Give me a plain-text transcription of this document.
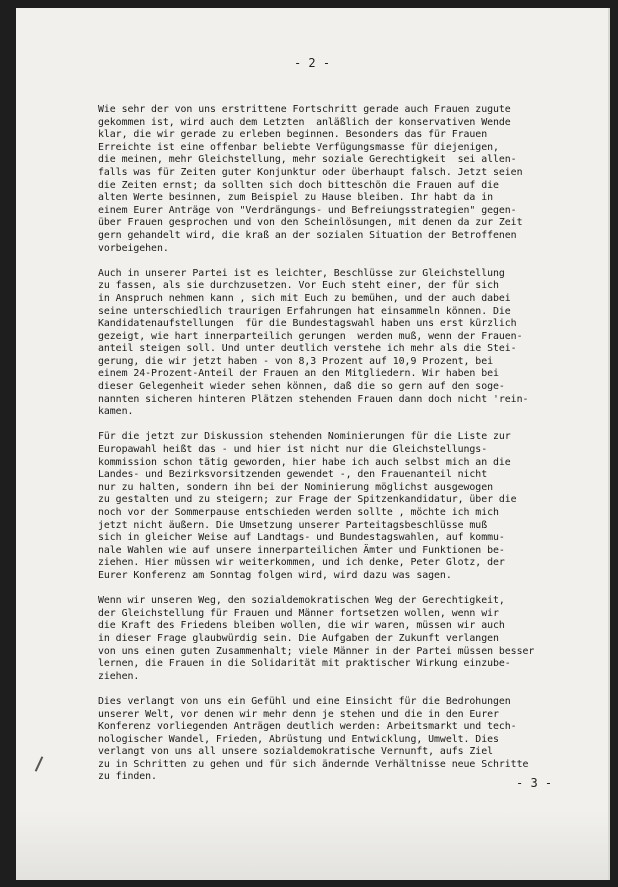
- 2 -
Wie sehr der von uns erstrittene Fortschritt gerade auch Frauen zugute
gekommen ist, wird auch dem Letzten  anläßlich der konservativen Wende
klar, die wir gerade zu erleben beginnen. Besonders das für Frauen
Erreichte ist eine offenbar beliebte Verfügungsmasse für diejenigen,
die meinen, mehr Gleichstellung, mehr soziale Gerechtigkeit  sei allen-
falls was für Zeiten guter Konjunktur oder überhaupt falsch. Jetzt seien
die Zeiten ernst; da sollten sich doch bitteschön die Frauen auf die
alten Werte besinnen, zum Beispiel zu Hause bleiben. Ihr habt da in
einem Eurer Anträge von "Verdrängungs- und Befreiungsstrategien" gegen-
über Frauen gesprochen und von den Scheinlösungen, mit denen da zur Zeit
gern gehandelt wird, die kraß an der sozialen Situation der Betroffenen
vorbeigehen.
Auch in unserer Partei ist es leichter, Beschlüsse zur Gleichstellung
zu fassen, als sie durchzusetzen. Vor Euch steht einer, der für sich
in Anspruch nehmen kann , sich mit Euch zu bemühen, und der auch dabei
seine unterschiedlich traurigen Erfahrungen hat einsammeln können. Die
Kandidatenaufstellungen  für die Bundestagswahl haben uns erst kürzlich
gezeigt, wie hart innerparteilich gerungen  werden muß, wenn der Frauen-
anteil steigen soll. Und unter deutlich verstehe ich mehr als die Stei-
gerung, die wir jetzt haben - von 8,3 Prozent auf 10,9 Prozent, bei
einem 24-Prozent-Anteil der Frauen an den Mitgliedern. Wir haben bei
dieser Gelegenheit wieder sehen können, daß die so gern auf den soge-
nannten sicheren hinteren Plätzen stehenden Frauen dann doch nicht 'rein-
kamen.
Für die jetzt zur Diskussion stehenden Nominierungen für die Liste zur
Europawahl heißt das - und hier ist nicht nur die Gleichstellungs-
kommission schon tätig geworden, hier habe ich auch selbst mich an die
Landes- und Bezirksvorsitzenden gewendet -, den Frauenanteil nicht
nur zu halten, sondern ihn bei der Nominierung möglichst ausgewogen
zu gestalten und zu steigern; zur Frage der Spitzenkandidatur, über die
noch vor der Sommerpause entschieden werden sollte , möchte ich mich
jetzt nicht äußern. Die Umsetzung unserer Parteitagsbeschlüsse muß
sich in gleicher Weise auf Landtags- und Bundestagswahlen, auf kommu-
nale Wahlen wie auf unsere innerparteilichen Ämter und Funktionen be-
ziehen. Hier müssen wir weiterkommen, und ich denke, Peter Glotz, der
Eurer Konferenz am Sonntag folgen wird, wird dazu was sagen.
Wenn wir unseren Weg, den sozialdemokratischen Weg der Gerechtigkeit,
der Gleichstellung für Frauen und Männer fortsetzen wollen, wenn wir
die Kraft des Friedens bleiben wollen, die wir waren, müssen wir auch
in dieser Frage glaubwürdig sein. Die Aufgaben der Zukunft verlangen
von uns einen guten Zusammenhalt; viele Männer in der Partei müssen besser
lernen, die Frauen in die Solidarität mit praktischer Wirkung einzube-
ziehen.
Dies verlangt von uns ein Gefühl und eine Einsicht für die Bedrohungen
unserer Welt, vor denen wir mehr denn je stehen und die in den Eurer
Konferenz vorliegenden Anträgen deutlich werden: Arbeitsmarkt und tech-
nologischer Wandel, Frieden, Abrüstung und Entwicklung, Umwelt. Dies
verlangt von uns all unsere sozialdemokratische Vernunft, aufs Ziel
zu in Schritten zu gehen und für sich ändernde Verhältnisse neue Schritte
zu finden.	- 3 -
